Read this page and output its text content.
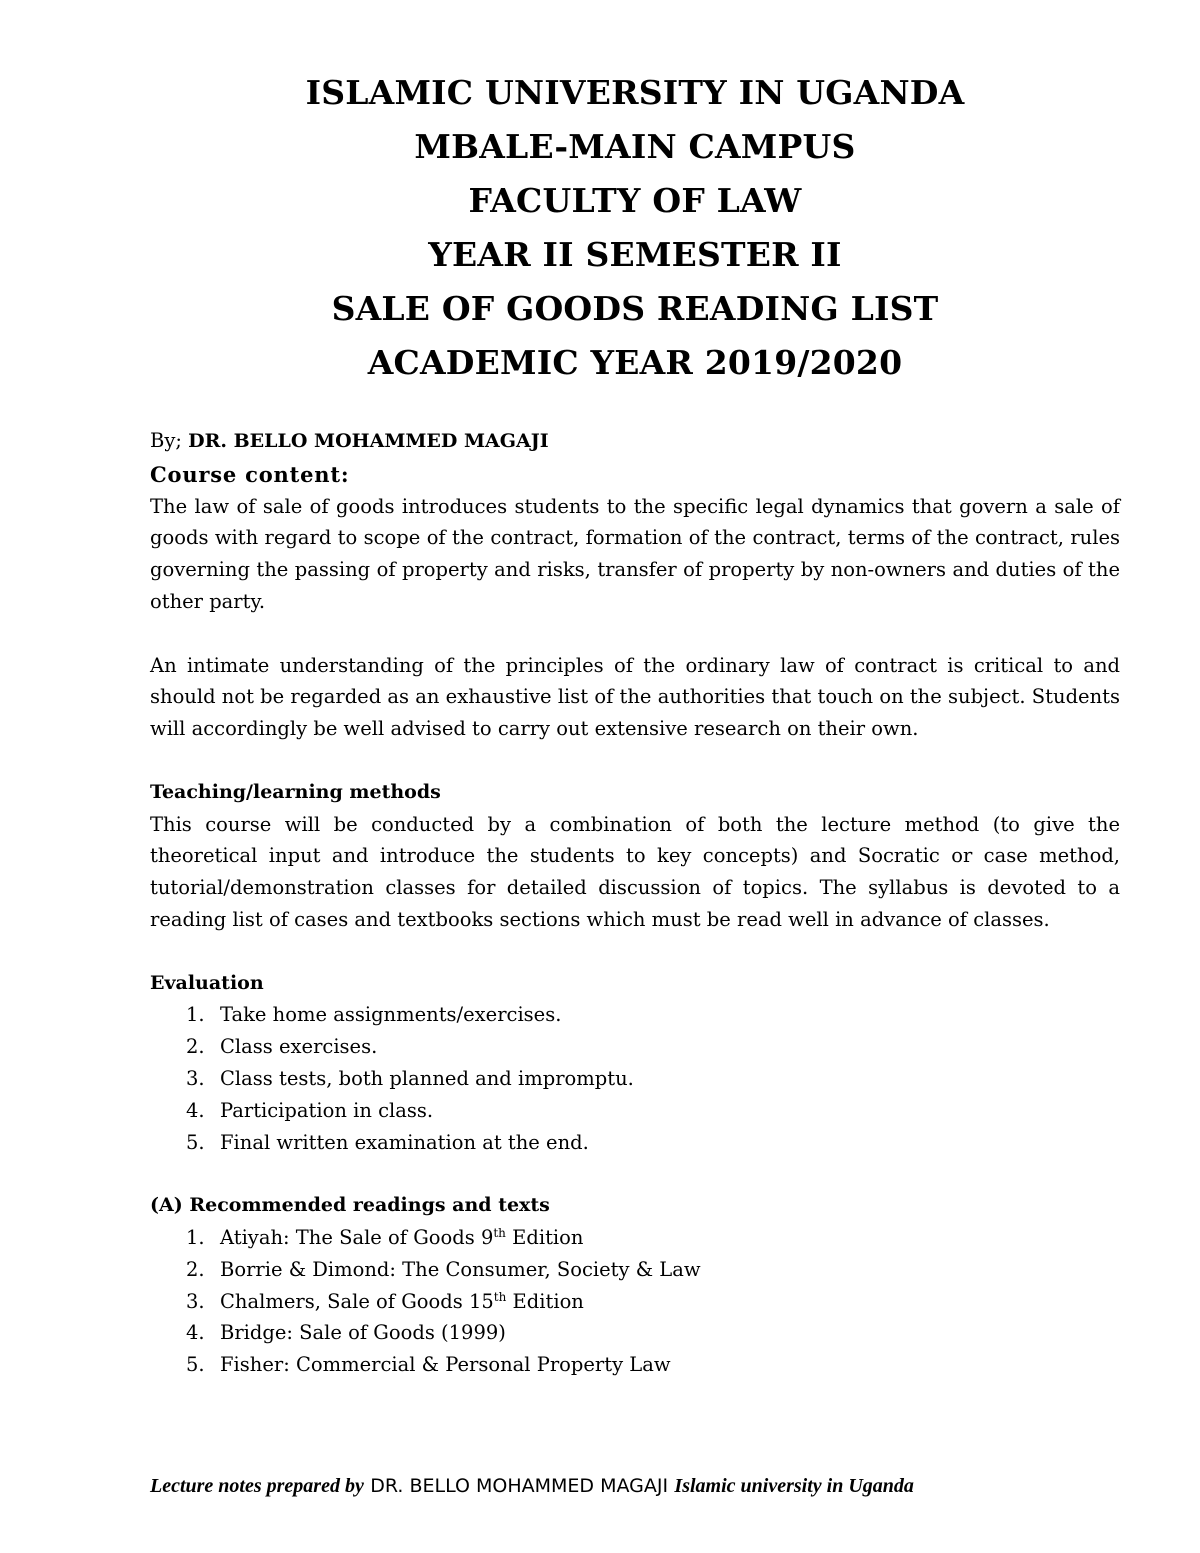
ISLAMIC UNIVERSITY IN UGANDA
MBALE-MAIN CAMPUS
FACULTY OF LAW
YEAR II SEMESTER II
SALE OF GOODS READING LIST
ACADEMIC YEAR 2019/2020
By; DR. BELLO MOHAMMED MAGAJI
Course content:

The law of sale of goods introduces students to the specific legal dynamics that govern a sale of goods with regard to scope of the contract, formation of the contract, terms of the contract, rules governing the passing of property and risks, transfer of property by non-owners and duties of the other party.

An intimate understanding of the principles of the ordinary law of contract is critical to and should not be regarded as an exhaustive list of the authorities that touch on the subject. Students will accordingly be well advised to carry out extensive research on their own.

Teaching/learning methods

This course will be conducted by a combination of both the lecture method (to give the theoretical input and introduce the students to key concepts) and Socratic or case method, tutorial/demonstration classes for detailed discussion of topics. The syllabus is devoted to a reading list of cases and textbooks sections which must be read well in advance of classes.

Evaluation
1. Take home assignments/exercises.
2. Class exercises.
3. Class tests, both planned and impromptu.
4. Participation in class.
5. Final written examination at the end.
(A) Recommended readings and texts
1. Atiyah: The Sale of Goods 9th Edition
2. Borrie & Dimond: The Consumer, Society & Law
3. Chalmers, Sale of Goods 15th Edition
4. Bridge: Sale of Goods (1999)
5. Fisher: Commercial & Personal Property Law
Lecture notes prepared by DR. BELLO MOHAMMED MAGAJI Islamic university in Uganda
